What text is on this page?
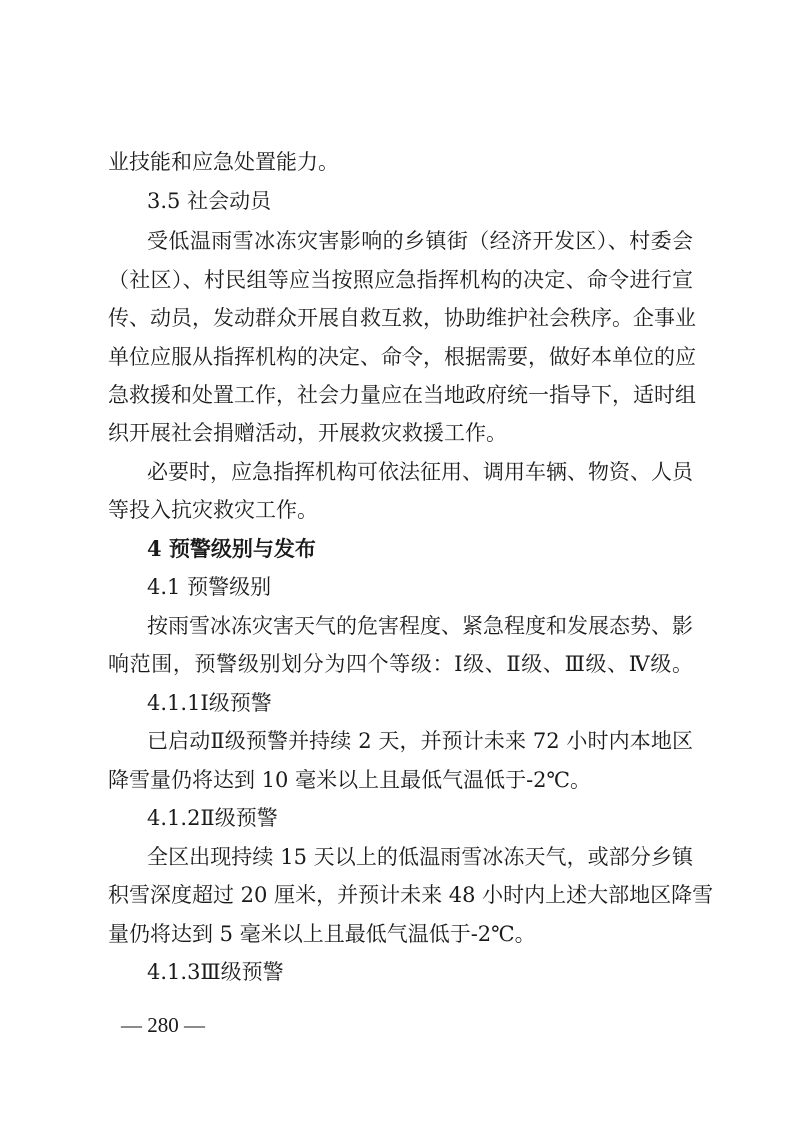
业技能和应急处置能力。
3.5 社会动员
受低温雨雪冰冻灾害影响的乡镇街（经济开发区）、村委会
（社区）、村民组等应当按照应急指挥机构的决定、命令进行宣
传、动员，发动群众开展自救互救，协助维护社会秩序。企事业
单位应服从指挥机构的决定、命令，根据需要，做好本单位的应
急救援和处置工作，社会力量应在当地政府统一指导下，适时组
织开展社会捐赠活动，开展救灾救援工作。
必要时，应急指挥机构可依法征用、调用车辆、物资、人员
等投入抗灾救灾工作。
4 预警级别与发布
4.1 预警级别
按雨雪冰冻灾害天气的危害程度、紧急程度和发展态势、影
响范围，预警级别划分为四个等级：Ⅰ级、Ⅱ级、Ⅲ级、Ⅳ级。
4.1.1Ⅰ级预警
已启动Ⅱ级预警并持续 2 天，并预计未来 72 小时内本地区
降雪量仍将达到 10 毫米以上且最低气温低于-2℃。
4.1.2Ⅱ级预警
全区出现持续 15 天以上的低温雨雪冰冻天气，或部分乡镇
积雪深度超过 20 厘米，并预计未来 48 小时内上述大部地区降雪
量仍将达到 5 毫米以上且最低气温低于-2℃。
4.1.3Ⅲ级预警
— 280 —
